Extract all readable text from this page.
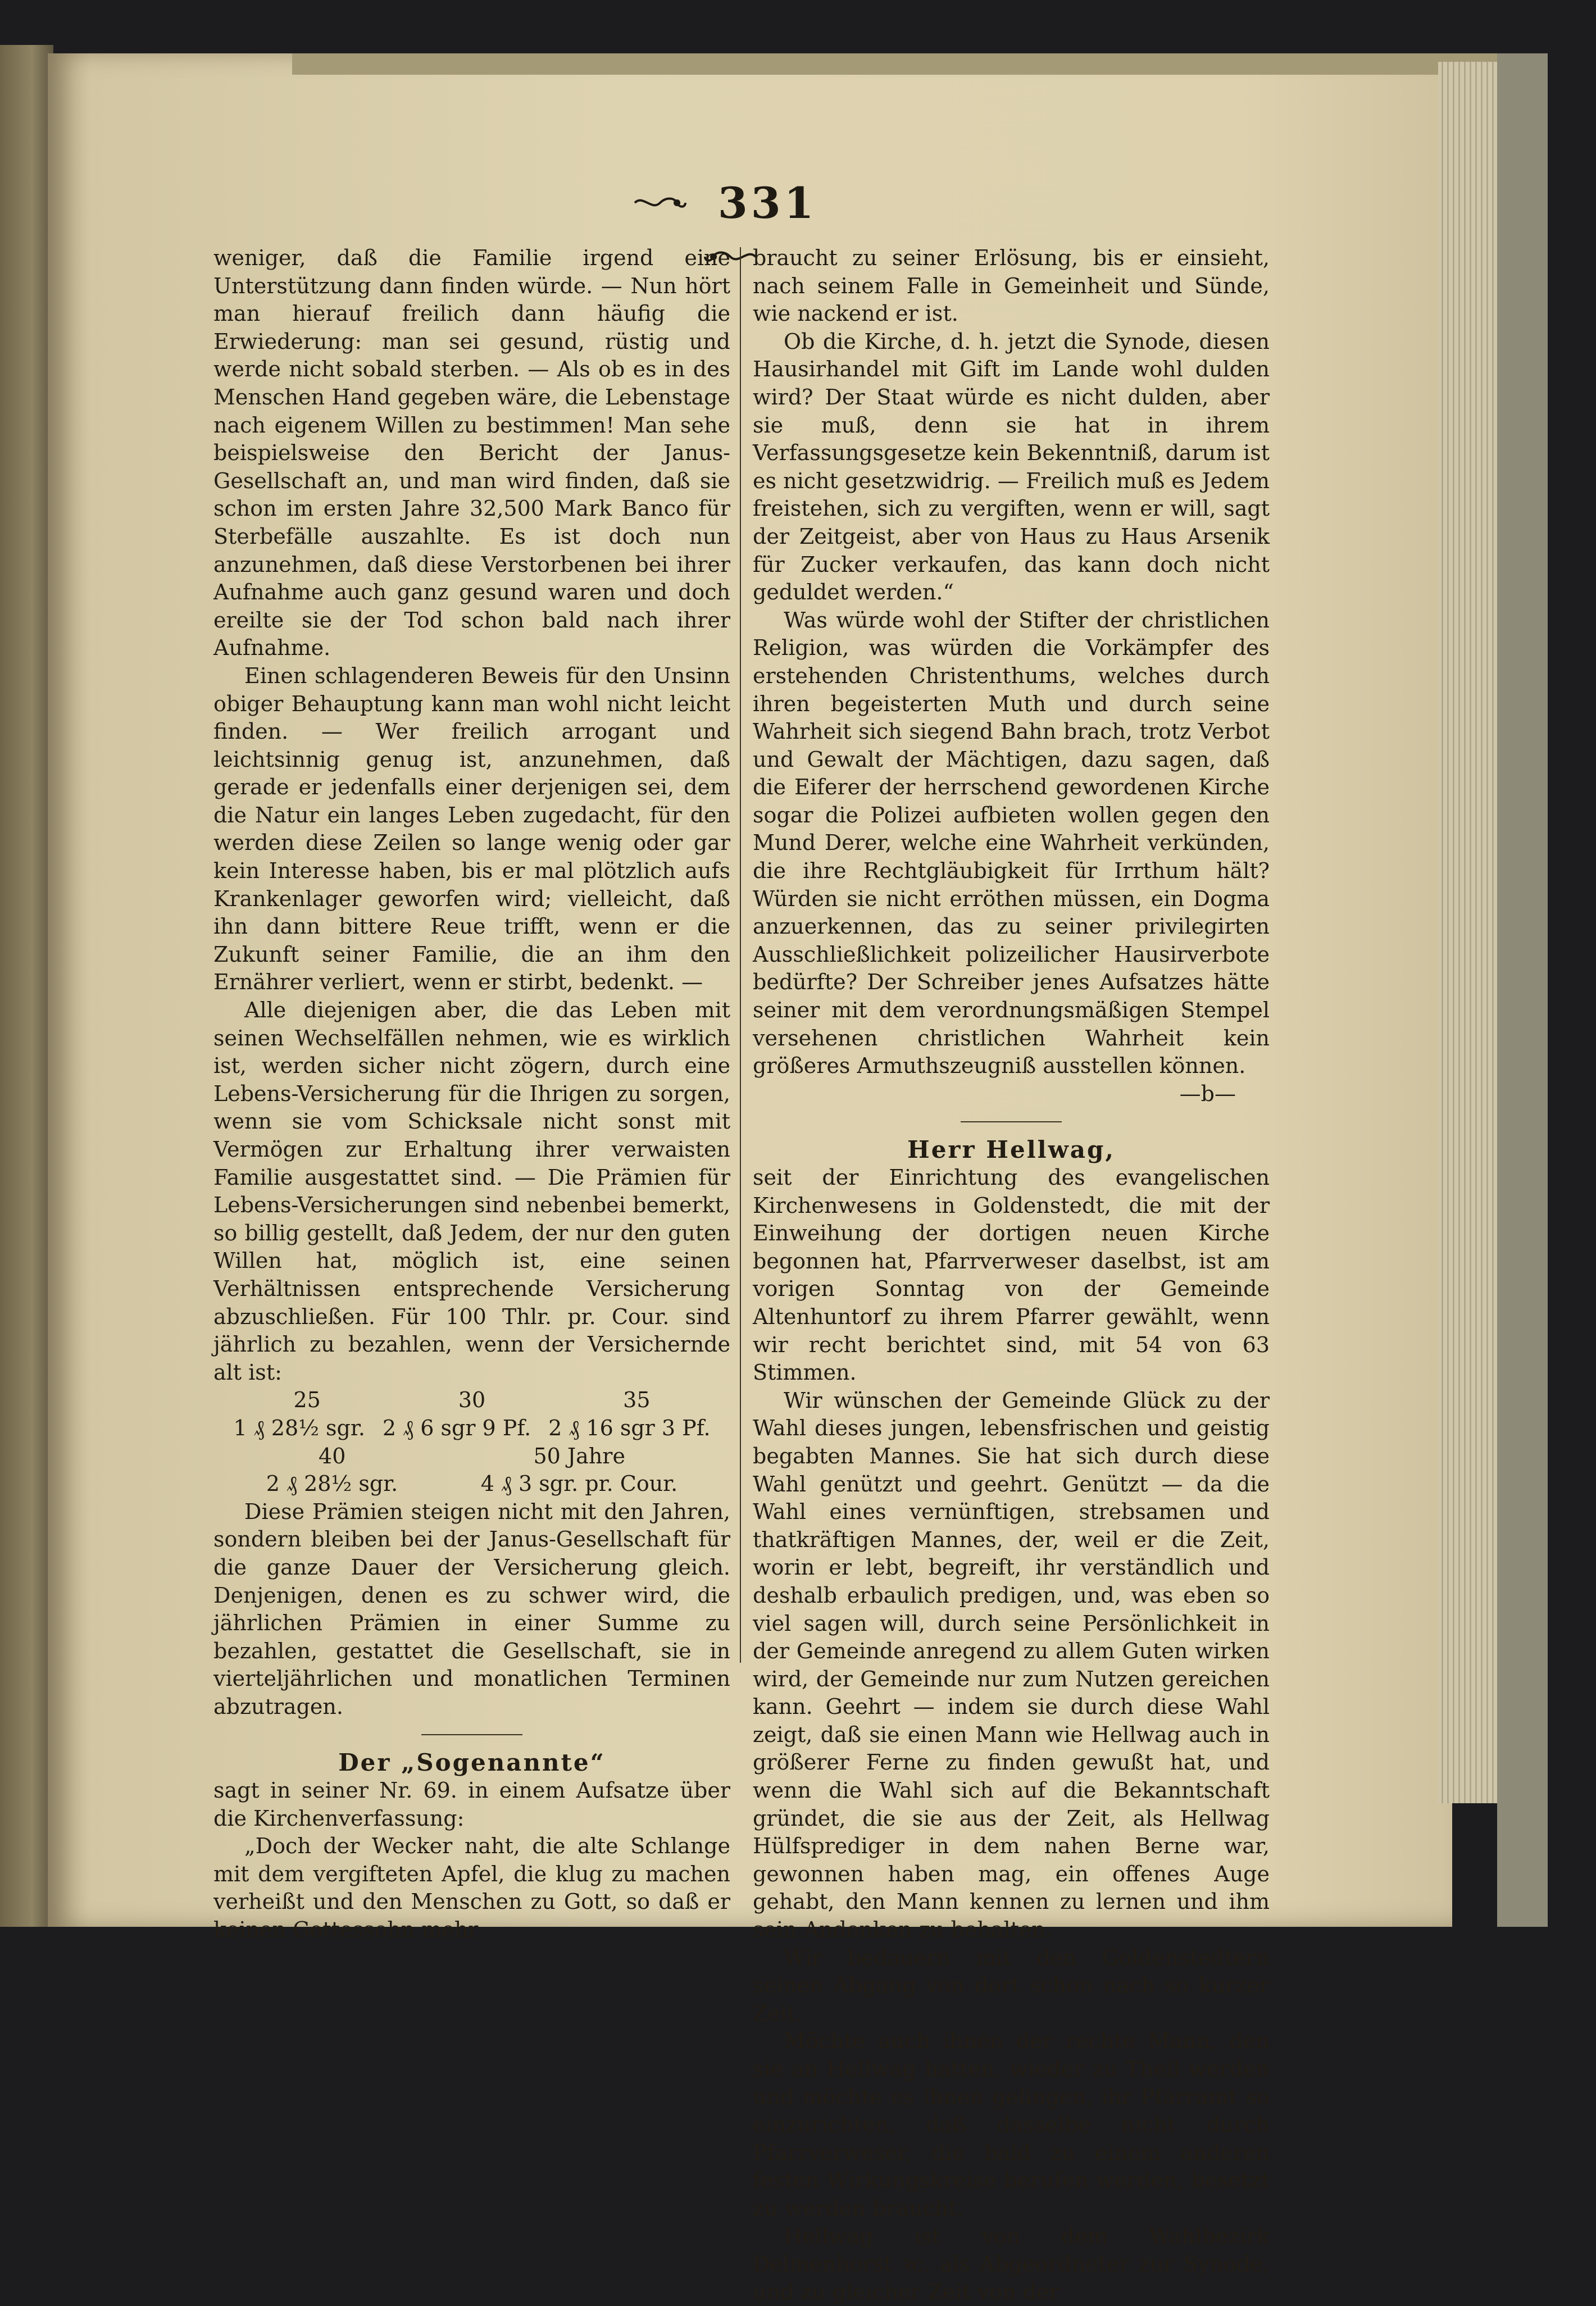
331

weniger, daß die Familie irgend eine Unterstützung dann finden würde. — Nun hört man hierauf freilich dann häufig die Erwiederung: man sei gesund, rüstig und werde nicht sobald sterben. — Als ob es in des Menschen Hand gegeben wäre, die Lebenstage nach eigenem Willen zu bestimmen! Man sehe beispielsweise den Bericht der Janus-Gesellschaft an, und man wird finden, daß sie schon im ersten Jahre 32,500 Mark Banco für Sterbefälle auszahlte. Es ist doch nun anzunehmen, daß diese Verstorbenen bei ihrer Aufnahme auch ganz gesund waren und doch ereilte sie der Tod schon bald nach ihrer Aufnahme.

Einen schlagenderen Beweis für den Unsinn obiger Behauptung kann man wohl nicht leicht finden. — Wer freilich arrogant und leichtsinnig genug ist, anzunehmen, daß gerade er jedenfalls einer derjenigen sei, dem die Natur ein langes Leben zugedacht, für den werden diese Zeilen so lange wenig oder gar kein Interesse haben, bis er mal plötzlich aufs Krankenlager geworfen wird; vielleicht, daß ihn dann bittere Reue trifft, wenn er die Zukunft seiner Familie, die an ihm den Ernährer verliert, wenn er stirbt, bedenkt. —

Alle diejenigen aber, die das Leben mit seinen Wechselfällen nehmen, wie es wirklich ist, werden sicher nicht zögern, durch eine Lebens-Versicherung für die Ihrigen zu sorgen, wenn sie vom Schicksale nicht sonst mit Vermögen zur Erhaltung ihrer verwaisten Familie ausgestattet sind. — Die Prämien für Lebens-Versicherungen sind nebenbei bemerkt, so billig gestellt, daß Jedem, der nur den guten Willen hat, möglich ist, eine seinen Verhältnissen entsprechende Versicherung abzuschließen. Für 100 Thlr. pr. Cour. sind jährlich zu bezahlen, wenn der Versichernde alt ist:

25	30	35
1 ₰ 28½ sgr. 2 ₰ 6 sgr 9 Pf. 2 ₰ 16 sgr 3 Pf.
40	50 Jahre
2 ₰ 28½ sgr.	4 ₰ 3 sgr. pr. Cour.

Diese Prämien steigen nicht mit den Jahren, sondern bleiben bei der Janus-Gesellschaft für die ganze Dauer der Versicherung gleich. Denjenigen, denen es zu schwer wird, die jährlichen Prämien in einer Summe zu bezahlen, gestattet die Gesellschaft, sie in vierteljährlichen und monatlichen Terminen abzutragen.

Der „Sogenannte“

sagt in seiner Nr. 69. in einem Aufsatze über die Kirchenverfassung:

„Doch der Wecker naht, die alte Schlange mit dem vergifteten Apfel, die klug zu machen verheißt und den Menschen zu Gott, so daß er keinen Gottessohn mehr

braucht zu seiner Erlösung, bis er einsieht, nach seinem Falle in Gemeinheit und Sünde, wie nackend er ist.

Ob die Kirche, d. h. jetzt die Synode, diesen Hausirhandel mit Gift im Lande wohl dulden wird? Der Staat würde es nicht dulden, aber sie muß, denn sie hat in ihrem Verfassungsgesetze kein Bekenntniß, darum ist es nicht gesetzwidrig. — Freilich muß es Jedem freistehen, sich zu vergiften, wenn er will, sagt der Zeitgeist, aber von Haus zu Haus Arsenik für Zucker verkaufen, das kann doch nicht geduldet werden.“

Was würde wohl der Stifter der christlichen Religion, was würden die Vorkämpfer des erstehenden Christenthums, welches durch ihren begeisterten Muth und durch seine Wahrheit sich siegend Bahn brach, trotz Verbot und Gewalt der Mächtigen, dazu sagen, daß die Eiferer der herrschend gewordenen Kirche sogar die Polizei aufbieten wollen gegen den Mund Derer, welche eine Wahrheit verkünden, die ihre Rechtgläubigkeit für Irrthum hält? Würden sie nicht erröthen müssen, ein Dogma anzuerkennen, das zu seiner privilegirten Ausschließlichkeit polizeilicher Hausirverbote bedürfte? Der Schreiber jenes Aufsatzes hätte seiner mit dem verordnungsmäßigen Stempel versehenen christlichen Wahrheit kein größeres Armuthszeugniß ausstellen können.

—b—

Herr Hellwag,

seit der Einrichtung des evangelischen Kirchenwesens in Goldenstedt, die mit der Einweihung der dortigen neuen Kirche begonnen hat, Pfarrverweser daselbst, ist am vorigen Sonntag von der Gemeinde Altenhuntorf zu ihrem Pfarrer gewählt, wenn wir recht berichtet sind, mit 54 von 63 Stimmen.

Wir wünschen der Gemeinde Glück zu der Wahl dieses jungen, lebensfrischen und geistig begabten Mannes. Sie hat sich durch diese Wahl genützt und geehrt. Genützt — da die Wahl eines vernünftigen, strebsamen und thatkräftigen Mannes, der, weil er die Zeit, worin er lebt, begreift, ihr verständlich und deshalb erbaulich predigen, und, was eben so viel sagen will, durch seine Persönlichkeit in der Gemeinde anregend zu allem Guten wirken wird, der Gemeinde nur zum Nutzen gereichen kann. Geehrt — indem sie durch diese Wahl zeigt, daß sie einen Mann wie Hellwag auch in größerer Ferne zu finden gewußt hat, und wenn die Wahl sich auf die Bekanntschaft gründet, die sie aus der Zeit, als Hellwag Hülfsprediger in dem nahen Berne war, gewonnen haben mag, ein offenes Auge gehabt, den Mann kennen zu lernen und ihm sein Andenken zu behalten.

Wir bedauern mit den Goldenstedtern seinen Abgang von dort schon nach so kurzer Zeit.

Möchte auch ihnen der rechte Mann, den sie an Hellwag hatten, wieder zu Theil werden und möchte es ihnen gelingen, ihr Pfarramt so einzurichten, daß dasselbe nicht durch Pfarrverweser, die bald zu einem anderen festen Wirkungskreise berufen werden, besetzt zu werden braucht.

Hellwag ist von dem Wahlbezirk Delmenhorst ꝛc. als Abgeordneter zur Synode, und zu gleicher Zeit von der
